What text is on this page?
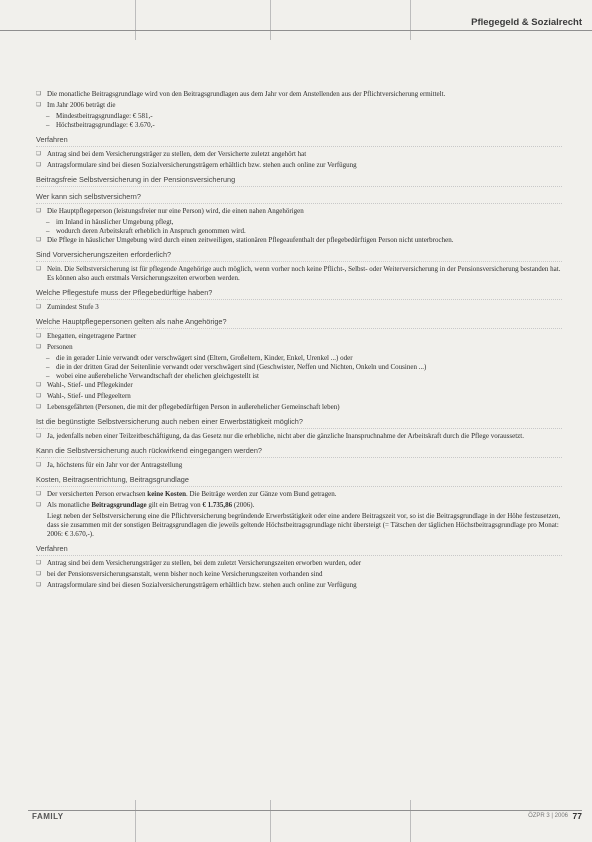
Pflegegeld & Sozialrecht
❑ Die monatliche Beitragsgrundlage wird von den Beitragsgrundlagen aus dem Jahr vor dem Anstellenden aus der Pflichtversicherung ermittelt.
❑ Im Jahr 2006 beträgt die
– Mindestbeitragsgrundlage: € 581,-
– Höchstbeitragsgrundlage: € 3.670,-
Verfahren
❑ Antrag sind bei dem Versicherungsträger zu stellen, dem der Versicherte zuletzt angehört hat
❑ Antragsformulare sind bei diesen Sozialversicherungsträgern erhältlich bzw. stehen auch online zur Verfügung
Beitragsfreie Selbstversicherung in der Pensionsversicherung
Wer kann sich selbstversichern?
❑ Die Hauptpflegeperson (leistungsfreier nur eine Person) wird, die einen nahen Angehörigen
– im Inland in häuslicher Umgebung pflegt,
– wodurch deren Arbeitskraft erheblich in Anspruch genommen wird.
❑ Die Pflege in häuslicher Umgebung wird durch einen zeitweiligen, stationären Pflegeaufenthalt der pflegebedürftigen Person nicht unterbrochen.
Sind Vorversicherungszeiten erforderlich?
❑ Nein. Die Selbstversicherung ist für pflegende Angehörige auch möglich, wenn vorher noch keine Pflicht-, Selbst- oder Weiterversicherung in der Pensionsversicherung bestanden hat. Es können also auch erstmals Versicherungszeiten erworben werden.
Welche Pflegestufe muss der Pflegebedürftige haben?
❑ Zumindest Stufe 3
Welche Hauptpflegepersonen gelten als nahe Angehörige?
❑ Ehegatten, eingetragene Partner
❑ Personen
– die in gerader Linie verwandt oder verschwägert sind (Eltern, Großeltern, Kinder, Enkel, Urenkel ...) oder
– die in der dritten Grad der Seitenlinie verwandt oder verschwägert sind (Geschwister, Neffen und Nichten, Onkeln und Cousinen ...)
– wobei eine außereheliche Verwandtschaft der ehelichen gleichgestellt ist
❑ Wahl-, Stief- und Pflegekinder
❑ Wahl-, Stief- und Pflegeeltern
❑ Lebensgefährten (Personen, die mit der pflegebedürftigen Person in außerehelicher Gemeinschaft leben)
Ist die begünstigte Selbstversicherung auch neben einer Erwerbstätigkeit möglich?
❑ Ja, jedenfalls neben einer Teilzeitbeschäftigung, da das Gesetz nur die erhebliche, nicht aber die gänzliche Inanspruchnahme der Arbeitskraft durch die Pflege voraussetzt.
Kann die Selbstversicherung auch rückwirkend eingegangen werden?
❑ Ja, höchstens für ein Jahr vor der Antragstellung
Kosten, Beitragsentrichtung, Beitragsgrundlage
❑ Der versicherten Person erwachsen keine Kosten. Die Beiträge werden zur Gänze vom Bund getragen.
❑ Als monatliche Beitragsgrundlage gilt ein Betrag von € 1.735,86 (2006).
Liegt neben der Selbstversicherung eine die Pflichtversicherung begründende Erwerbstätigkeit oder eine andere Beitragszeit vor, so ist die Beitragsgrundlage in der Höhe festzusetzen, dass sie zusammen mit der sonstigen Beitragsgrundlagen die jeweils geltende Höchstbeitragsgrundlage nicht übersteigt (= Tätschen der täglichen Höchstbeitragsgrundlage pro Monat: 2006: € 3.670,-).
Verfahren
❑ Antrag sind bei dem Versicherungsträger zu stellen, bei dem zuletzt Versicherungszeiten erworben wurden, oder
❑ bei der Pensionsversicherungsanstalt, wenn bisher noch keine Versicherungszeiten vorhanden sind
❑ Antragsformulare sind bei diesen Sozialversicherungsträgern erhältlich bzw. stehen auch online zur Verfügung
FAMILY	ÖZPR 3 | 2006 77
